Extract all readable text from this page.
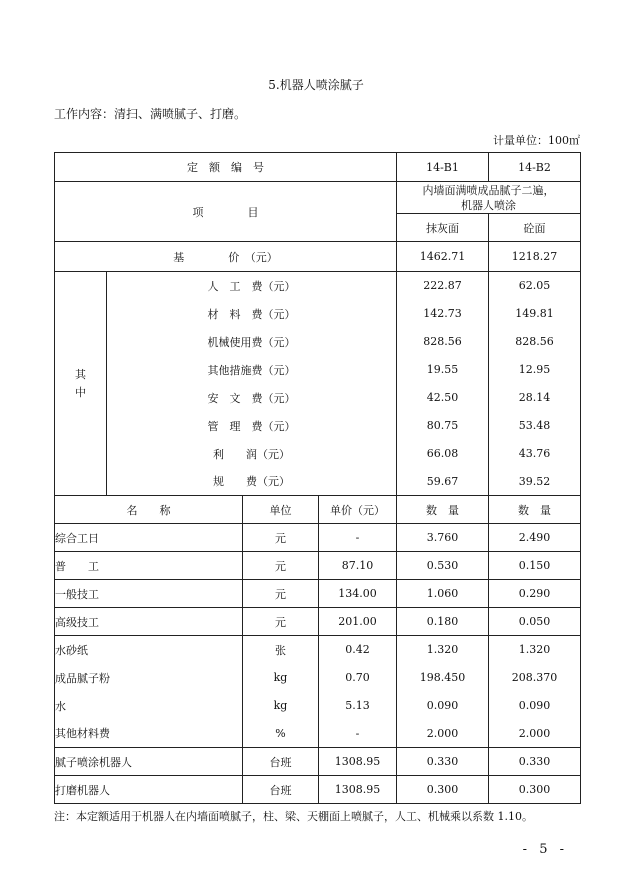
5.机器人喷涂腻子
工作内容：清扫、满喷腻子、打磨。
计量单位：100㎡
定　额　编　号				14-B1	14-B2
项　　　　目				内墙面满喷成品腻子二遍，
机器人喷涂	
				抹灰面	砼面
基　　　　价　（元）				1462.71	1218.27
其
中	人　工　费（元）			222.87	62.05
	材　料　费（元）			142.73	149.81
	机械使用费（元）			828.56	828.56
	其他措施费（元）			19.55	12.95
	安　文　费（元）			42.50	28.14
	管　理　费（元）			80.75	53.48
	利　　润（元）			66.08	43.76
	规　　费（元）			59.67	39.52
名　　称		单位	单价（元）	数　量	数　量
综合工日		元	-	3.760	2.490
普　　工		元	87.10	0.530	0.150
一般技工		元	134.00	1.060	0.290
高级技工		元	201.00	0.180	0.050
水砂纸		张	0.42	1.320	1.320
成品腻子粉		kg	0.70	198.450	208.370
水		kg	5.13	0.090	0.090
其他材料费		%	-	2.000	2.000
腻子喷涂机器人		台班	1308.95	0.330	0.330
打磨机器人		台班	1308.95	0.300	0.300
注：本定额适用于机器人在内墙面喷腻子，柱、梁、天棚面上喷腻子，人工、机械乘以系数 1.10。
- 5 -
